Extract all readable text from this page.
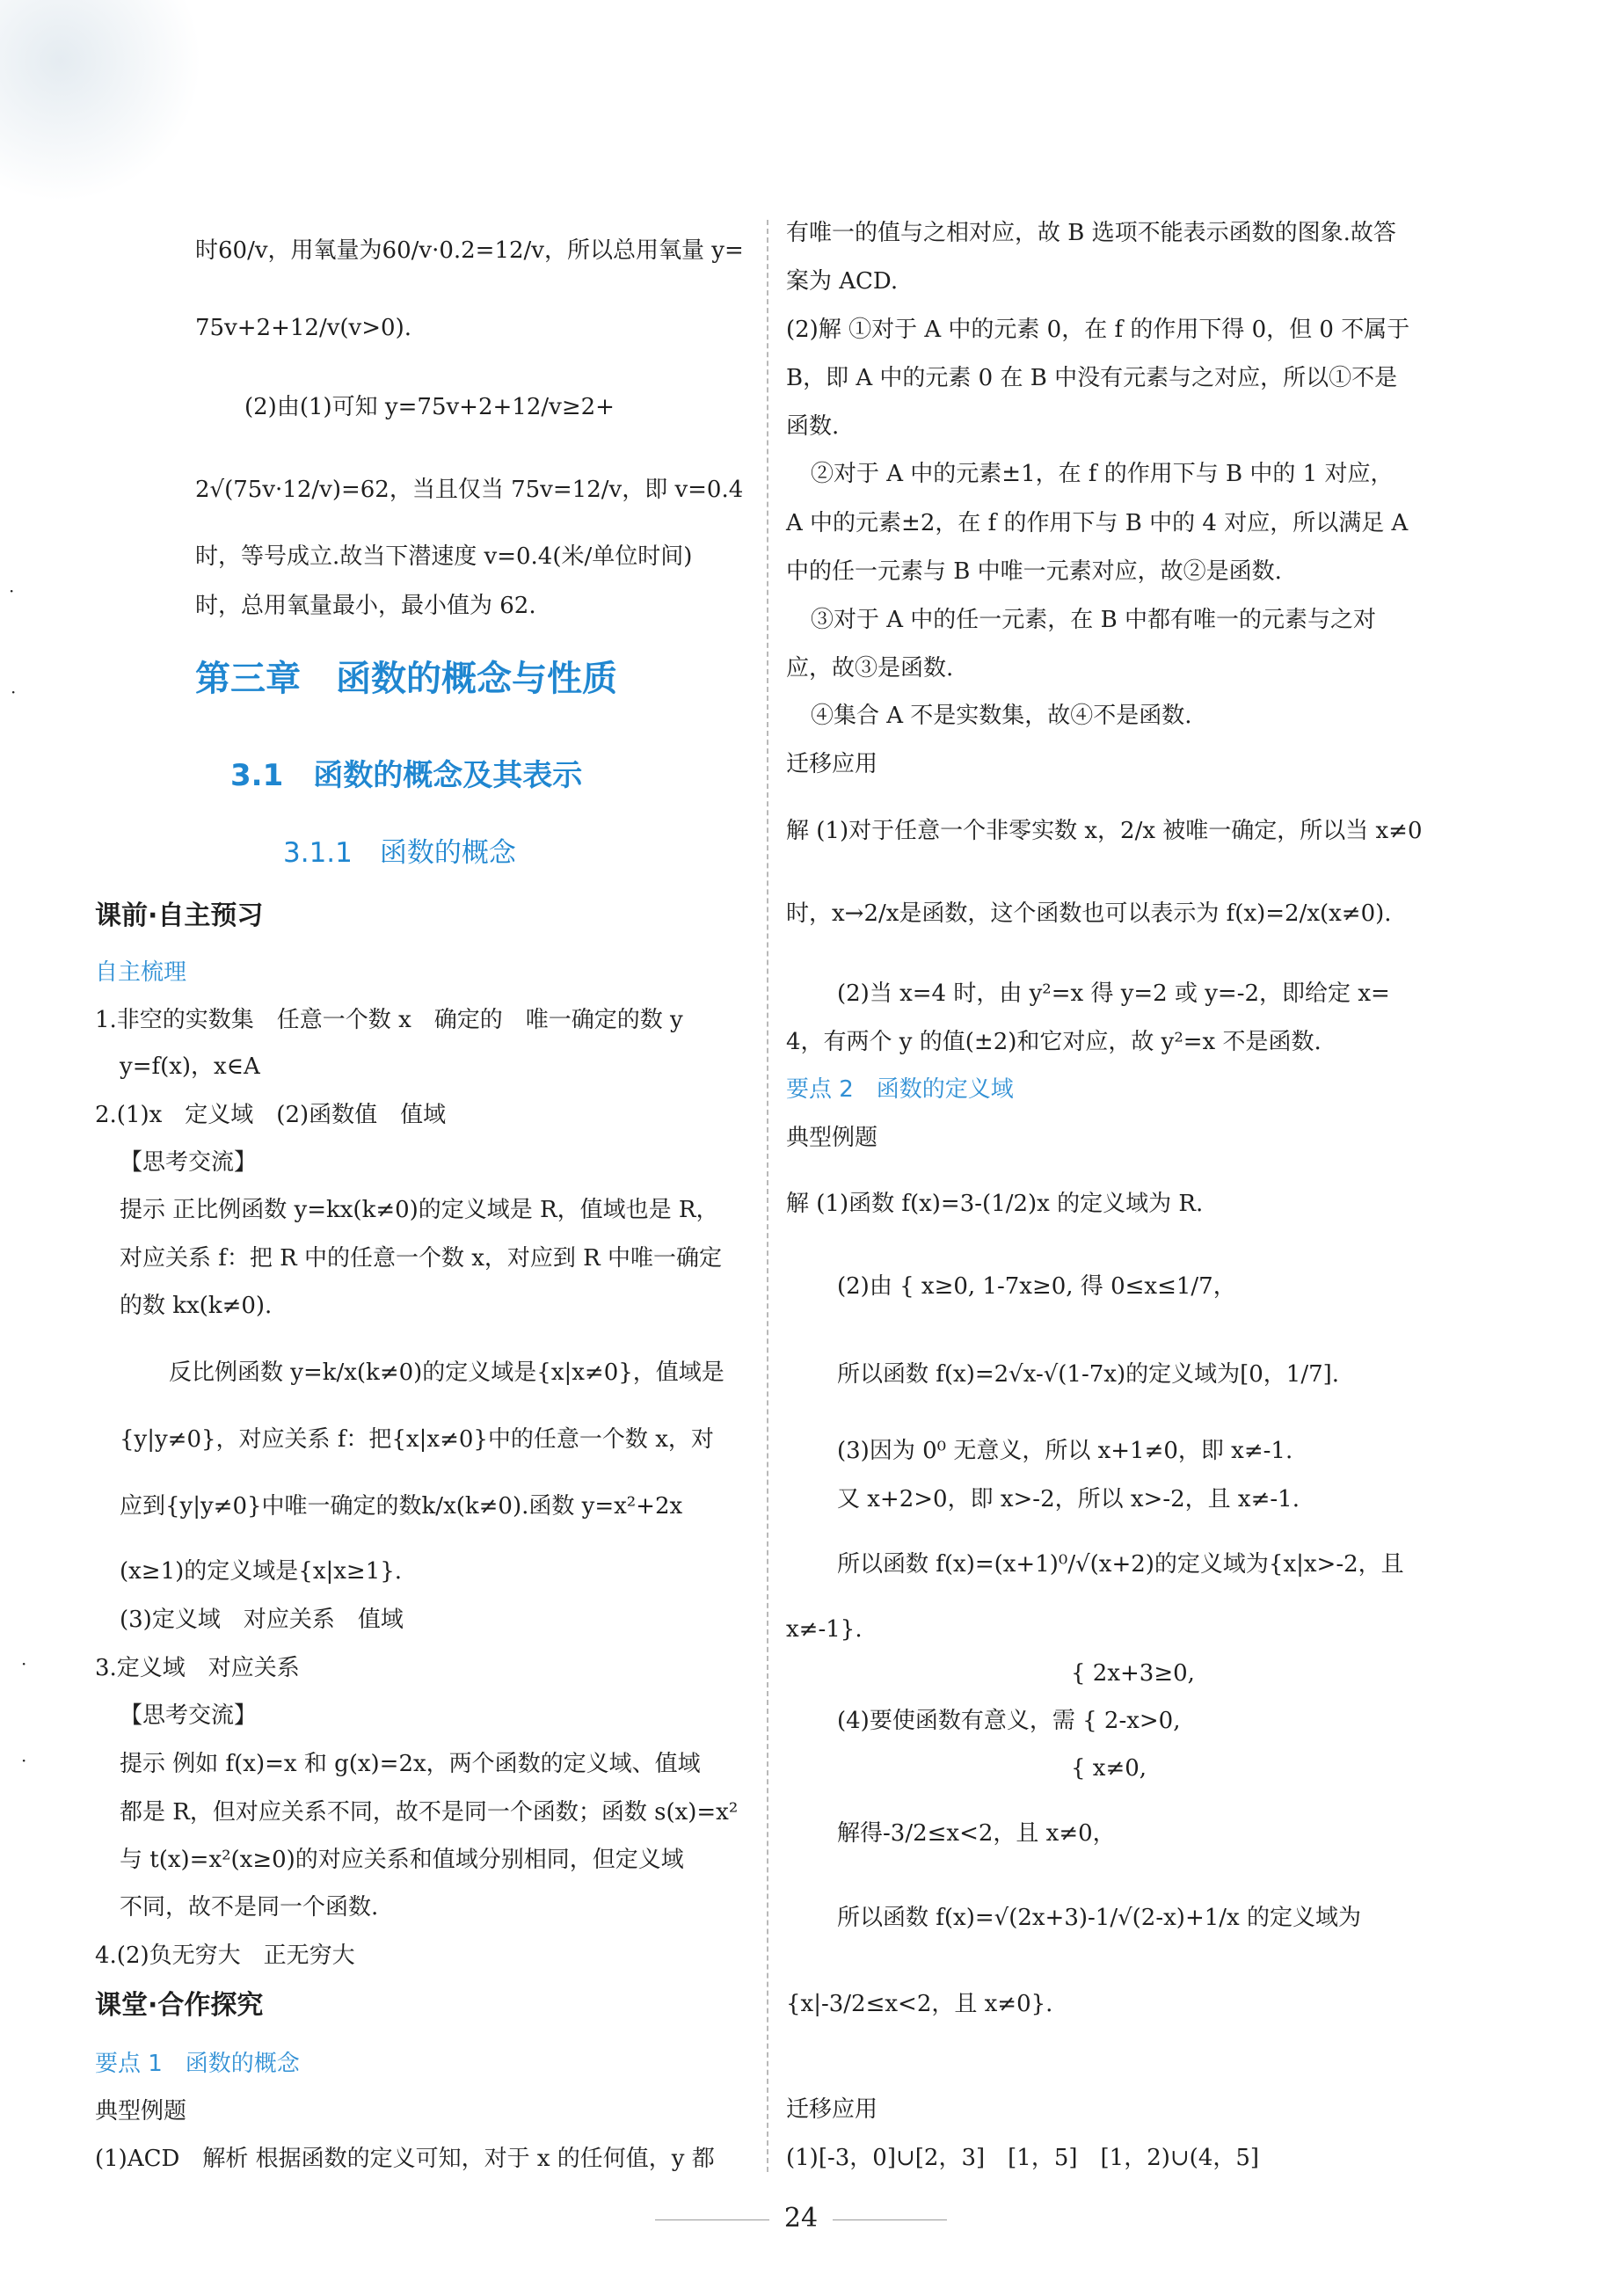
·
·
·
·
时60/v，用氧量为60/v·0.2=12/v，所以总用氧量 y=
75v+2+12/v(v>0).
(2)由(1)可知 y=75v+2+12/v≥2+
2√(75v·12/v)=62，当且仅当 75v=12/v，即 v=0.4
时，等号成立.故当下潜速度 v=0.4(米/单位时间)
时，总用氧量最小，最小值为 62.
第三章　函数的概念与性质
3.1　函数的概念及其表示
3.1.1　函数的概念
课前·自主预习
自主梳理
1.非空的实数集　任意一个数 x　确定的　唯一确定的数 y
y=f(x)，x∈A
2.(1)x　定义域　(2)函数值　值域
【思考交流】
提示 正比例函数 y=kx(k≠0)的定义域是 R，值域也是 R，
对应关系 f：把 R 中的任意一个数 x，对应到 R 中唯一确定
的数 kx(k≠0).
反比例函数 y=k/x(k≠0)的定义域是{x|x≠0}，值域是
{y|y≠0}，对应关系 f：把{x|x≠0}中的任意一个数 x，对
应到{y|y≠0}中唯一确定的数k/x(k≠0).函数 y=x²+2x
(x≥1)的定义域是{x|x≥1}.
(3)定义域　对应关系　值域
3.定义域　对应关系
【思考交流】
提示 例如 f(x)=x 和 g(x)=2x，两个函数的定义域、值域
都是 R，但对应关系不同，故不是同一个函数；函数 s(x)=x²
与 t(x)=x²(x≥0)的对应关系和值域分别相同，但定义域
不同，故不是同一个函数.
4.(2)负无穷大　正无穷大
课堂·合作探究
要点 1　函数的概念
典型例题
(1)ACD　解析 根据函数的定义可知，对于 x 的任何值，y 都
有唯一的值与之相对应，故 B 选项不能表示函数的图象.故答
案为 ACD.
(2)解 ①对于 A 中的元素 0，在 f 的作用下得 0，但 0 不属于
B，即 A 中的元素 0 在 B 中没有元素与之对应，所以①不是
函数.
②对于 A 中的元素±1，在 f 的作用下与 B 中的 1 对应，
A 中的元素±2，在 f 的作用下与 B 中的 4 对应，所以满足 A
中的任一元素与 B 中唯一元素对应，故②是函数.
③对于 A 中的任一元素，在 B 中都有唯一的元素与之对
应，故③是函数.
④集合 A 不是实数集，故④不是函数.
迁移应用
解 (1)对于任意一个非零实数 x，2/x 被唯一确定，所以当 x≠0
时，x→2/x是函数，这个函数也可以表示为 f(x)=2/x(x≠0).
(2)当 x=4 时，由 y²=x 得 y=2 或 y=-2，即给定 x=
4，有两个 y 的值(±2)和它对应，故 y²=x 不是函数.
要点 2　函数的定义域
典型例题
解 (1)函数 f(x)=3-(1/2)x 的定义域为 R.
(2)由 { x≥0, 1-7x≥0, 得 0≤x≤1/7，
所以函数 f(x)=2√x-√(1-7x)的定义域为[0，1/7].
(3)因为 0⁰ 无意义，所以 x+1≠0，即 x≠-1.
又 x+2>0，即 x>-2，所以 x>-2，且 x≠-1.
所以函数 f(x)=(x+1)⁰/√(x+2)的定义域为{x|x>-2，且
x≠-1}.
{ 2x+3≥0,
(4)要使函数有意义，需 { 2-x>0,
{ x≠0,
解得-3/2≤x<2，且 x≠0，
所以函数 f(x)=√(2x+3)-1/√(2-x)+1/x 的定义域为
{x|-3/2≤x<2，且 x≠0}.
迁移应用
(1)[-3，0]∪[2，3]　[1，5]　[1，2)∪(4，5]
24
